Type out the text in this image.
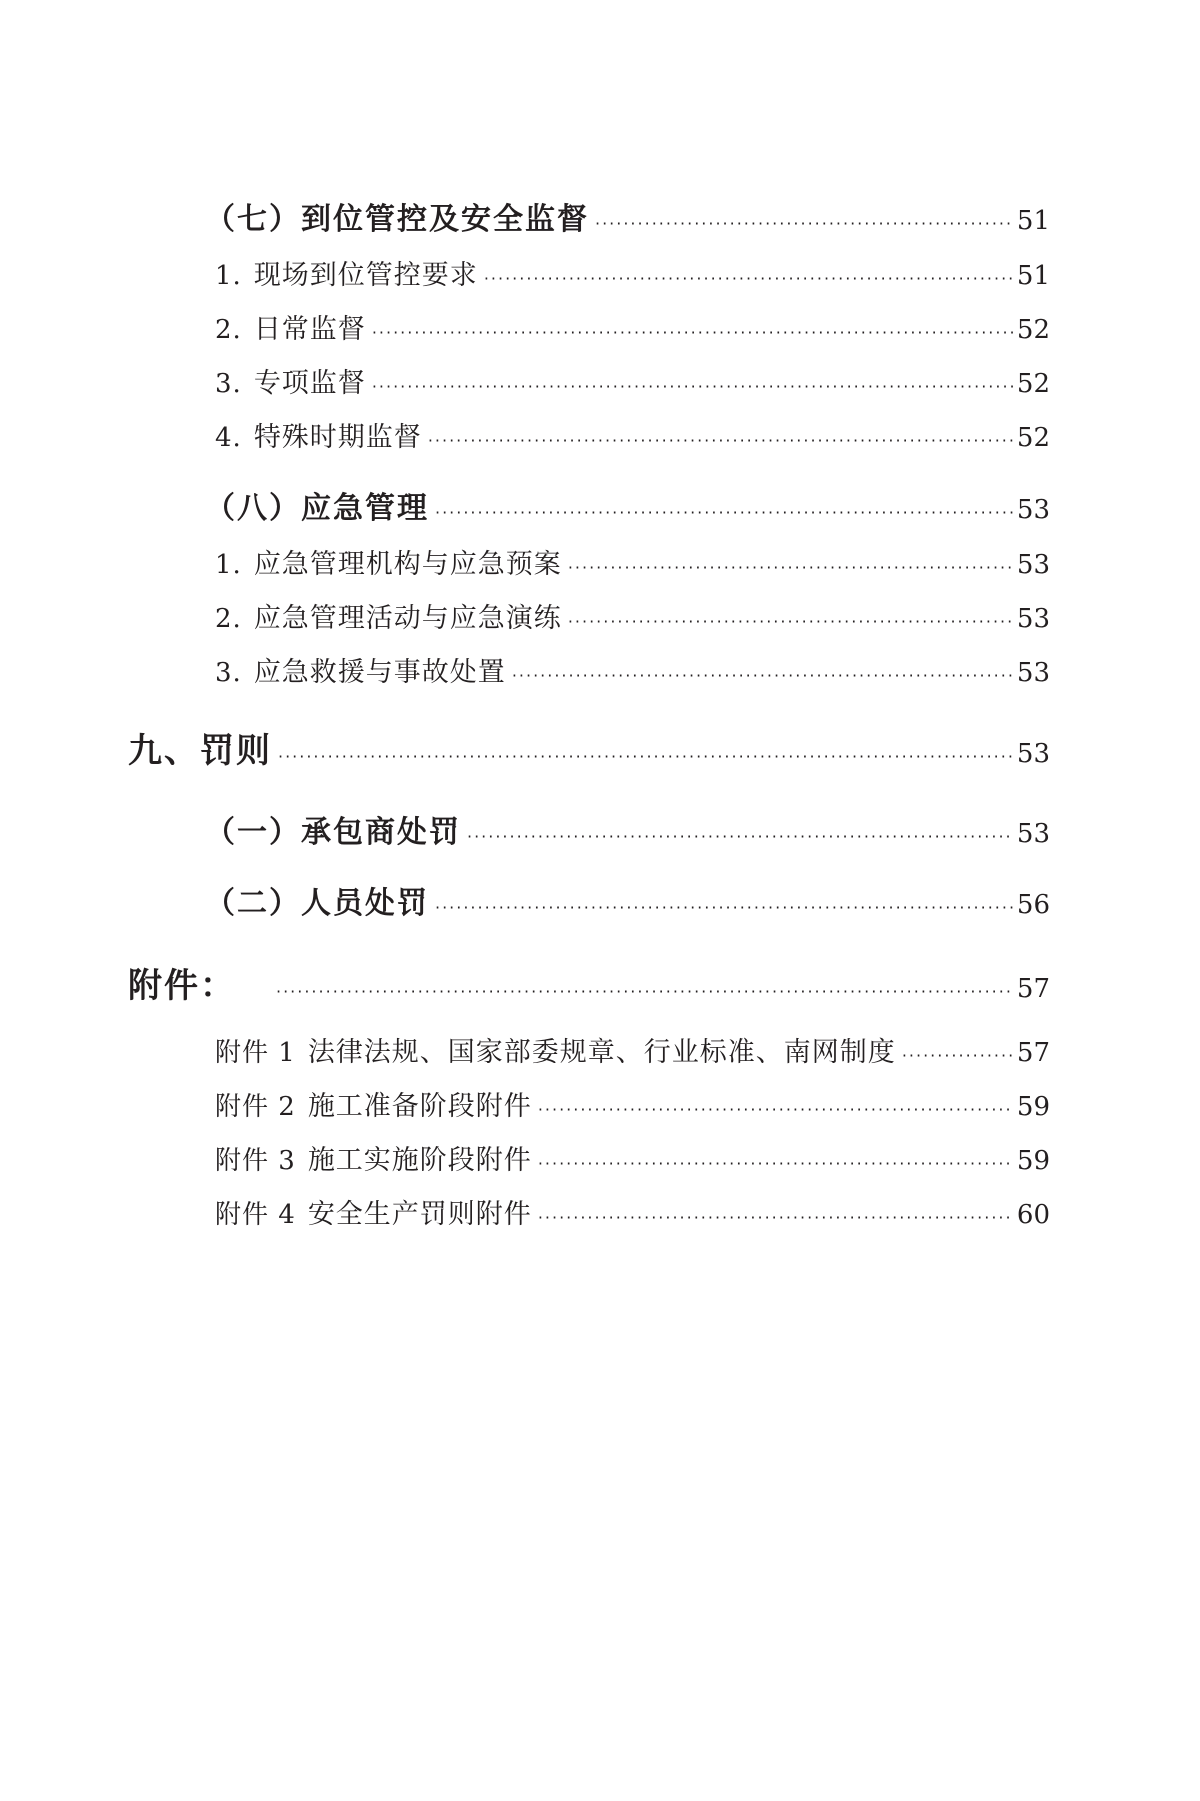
（七）到位管控及安全监督 ·····	51
1. 现场到位管控要求 ·····	51
2. 日常监督 ·····	52
3. 专项监督 ·····	52
4. 特殊时期监督 ·····	52
（八）应急管理 ·····	53
1. 应急管理机构与应急预案 ·····	53
2. 应急管理活动与应急演练 ·····	53
3. 应急救援与事故处置 ·····	53
九、罚则 ·····	53
（一）承包商处罚 ·····	53
（二）人员处罚 ·····	56
附件： ·····	57
附件 1 法律法规、国家部委规章、行业标准、南网制度 ·····	57
附件 2 施工准备阶段附件 ·····	59
附件 3 施工实施阶段附件 ·····	59
附件 4 安全生产罚则附件 ·····	60
